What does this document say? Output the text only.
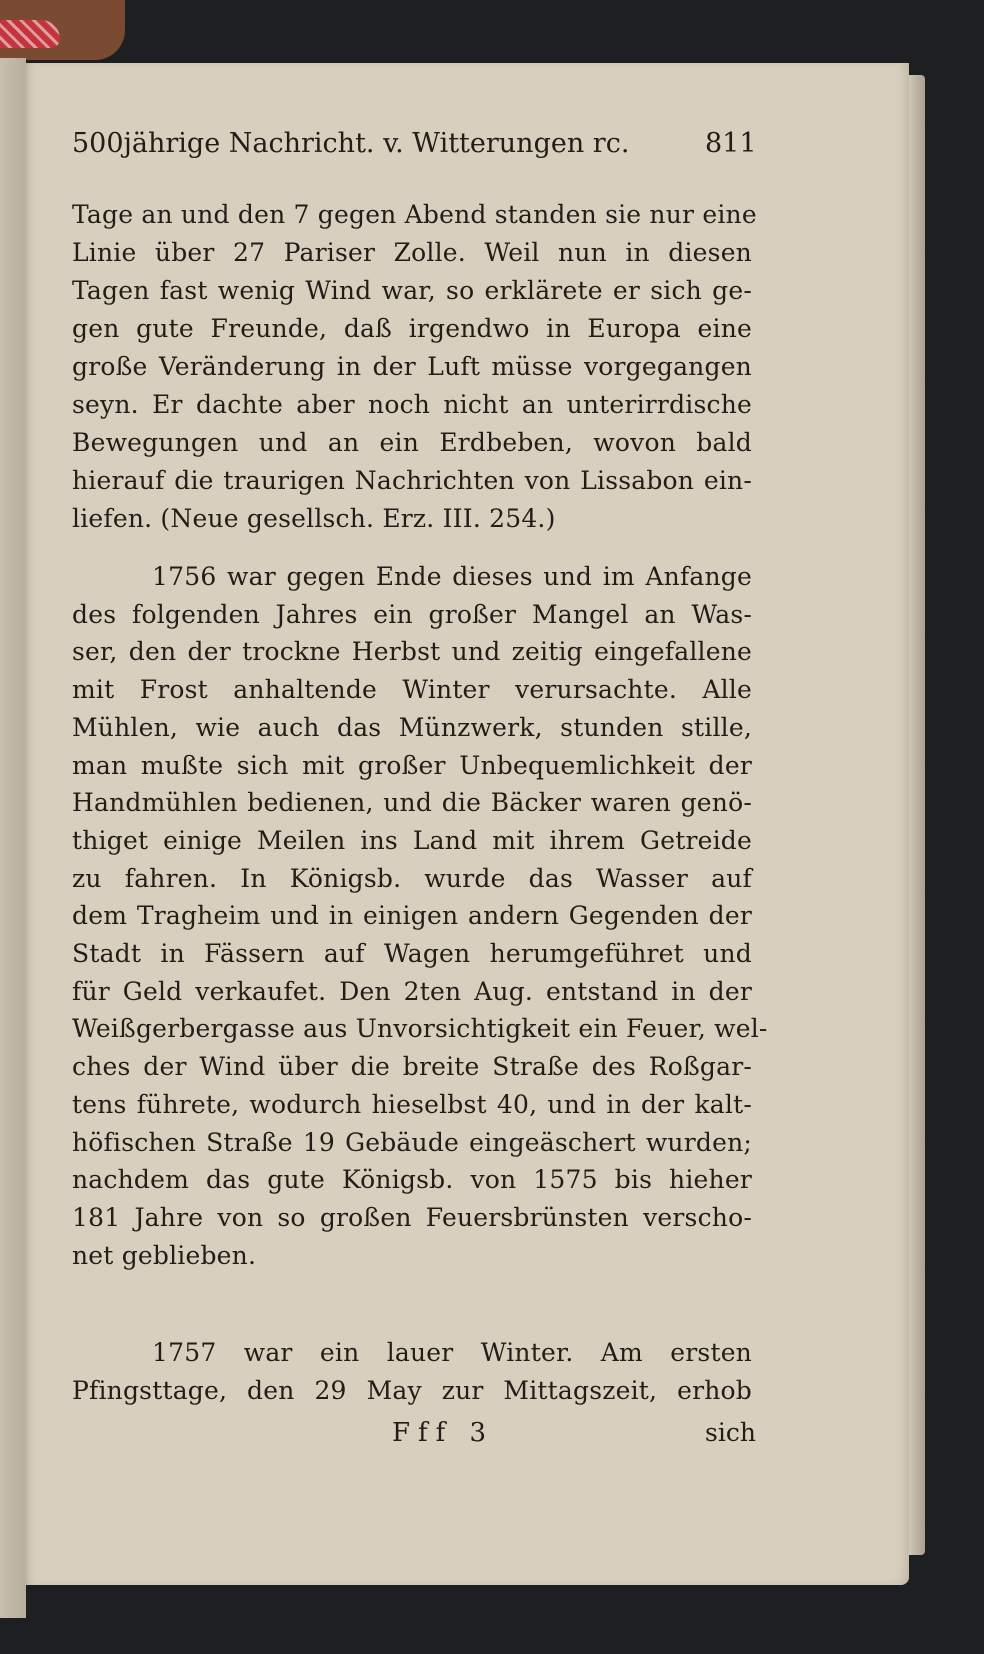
500jährige Nachricht. v. Witterungen rc.	811
Tage an und den 7 gegen Abend standen sie nur eine
Linie über 27 Pariser Zolle. Weil nun in diesen
Tagen fast wenig Wind war, so erklärete er sich ge-
gen gute Freunde, daß irgendwo in Europa eine
große Veränderung in der Luft müsse vorgegangen
seyn. Er dachte aber noch nicht an unterirrdische
Bewegungen und an ein Erdbeben, wovon bald
hierauf die traurigen Nachrichten von Lissabon ein-
liefen. (Neue gesellsch. Erz. III. 254.)
1756 war gegen Ende dieses und im Anfange
des folgenden Jahres ein großer Mangel an Was-
ser, den der trockne Herbst und zeitig eingefallene
mit Frost anhaltende Winter verursachte. Alle
Mühlen, wie auch das Münzwerk, stunden stille,
man mußte sich mit großer Unbequemlichkeit der
Handmühlen bedienen, und die Bäcker waren genö-
thiget einige Meilen ins Land mit ihrem Getreide
zu fahren. In Königsb. wurde das Wasser auf
dem Tragheim und in einigen andern Gegenden der
Stadt in Fässern auf Wagen herumgeführet und
für Geld verkaufet. Den 2ten Aug. entstand in der
Weißgerbergasse aus Unvorsichtigkeit ein Feuer, wel-
ches der Wind über die breite Straße des Roßgar-
tens führete, wodurch hieselbst 40, und in der kalt-
höfischen Straße 19 Gebäude eingeäschert wurden;
nachdem das gute Königsb. von 1575 bis hieher
181 Jahre von so großen Feuersbrünsten verscho-
net geblieben.
1757 war ein lauer Winter. Am ersten
Pfingsttage, den 29 May zur Mittagszeit, erhob
Fff 3	sich
